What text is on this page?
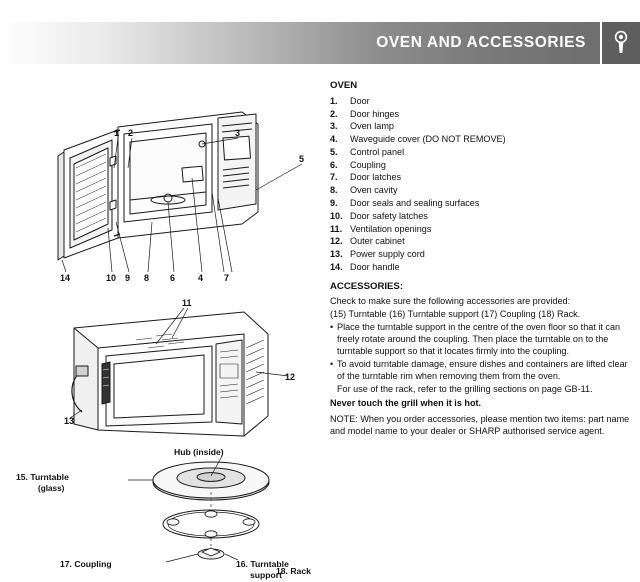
OVEN AND ACCESSORIES
1 2	3
5
14	10 9 8 6	4 7
11
12
13
Hub (inside)
15. Turntable
(glass)
17. Coupling	16. Turntable
support
18. Rack
OVEN
1.	Door
2.	Door hinges
3.	Oven lamp
4.	Waveguide cover (DO NOT REMOVE)
5.	Control panel
6.	Coupling
7.	Door latches
8.	Oven cavity
9.	Door seals and sealing surfaces
10. Door safety latches
11. Ventilation openings
12. Outer cabinet
13. Power supply cord
14. Door handle
ACCESSORIES:

Check to make sure the following accessories are provided:

(15) Turntable (16) Turntable support (17) Coupling (18) Rack.

• Place the turntable support in the centre of the oven floor so that it can freely rotate around the coupling. Then place the turntable on to the turntable support so that it locates firmly into the coupling.
• To avoid turntable damage, ensure dishes and containers are lifted clear of the turntable rim when removing them from the oven.

For use of the rack, refer to the grilling sections on page GB-11.

Never touch the grill when it is hot.

NOTE: When you order accessories, please mention two items: part name and model name to your dealer or SHARP authorised service agent.
